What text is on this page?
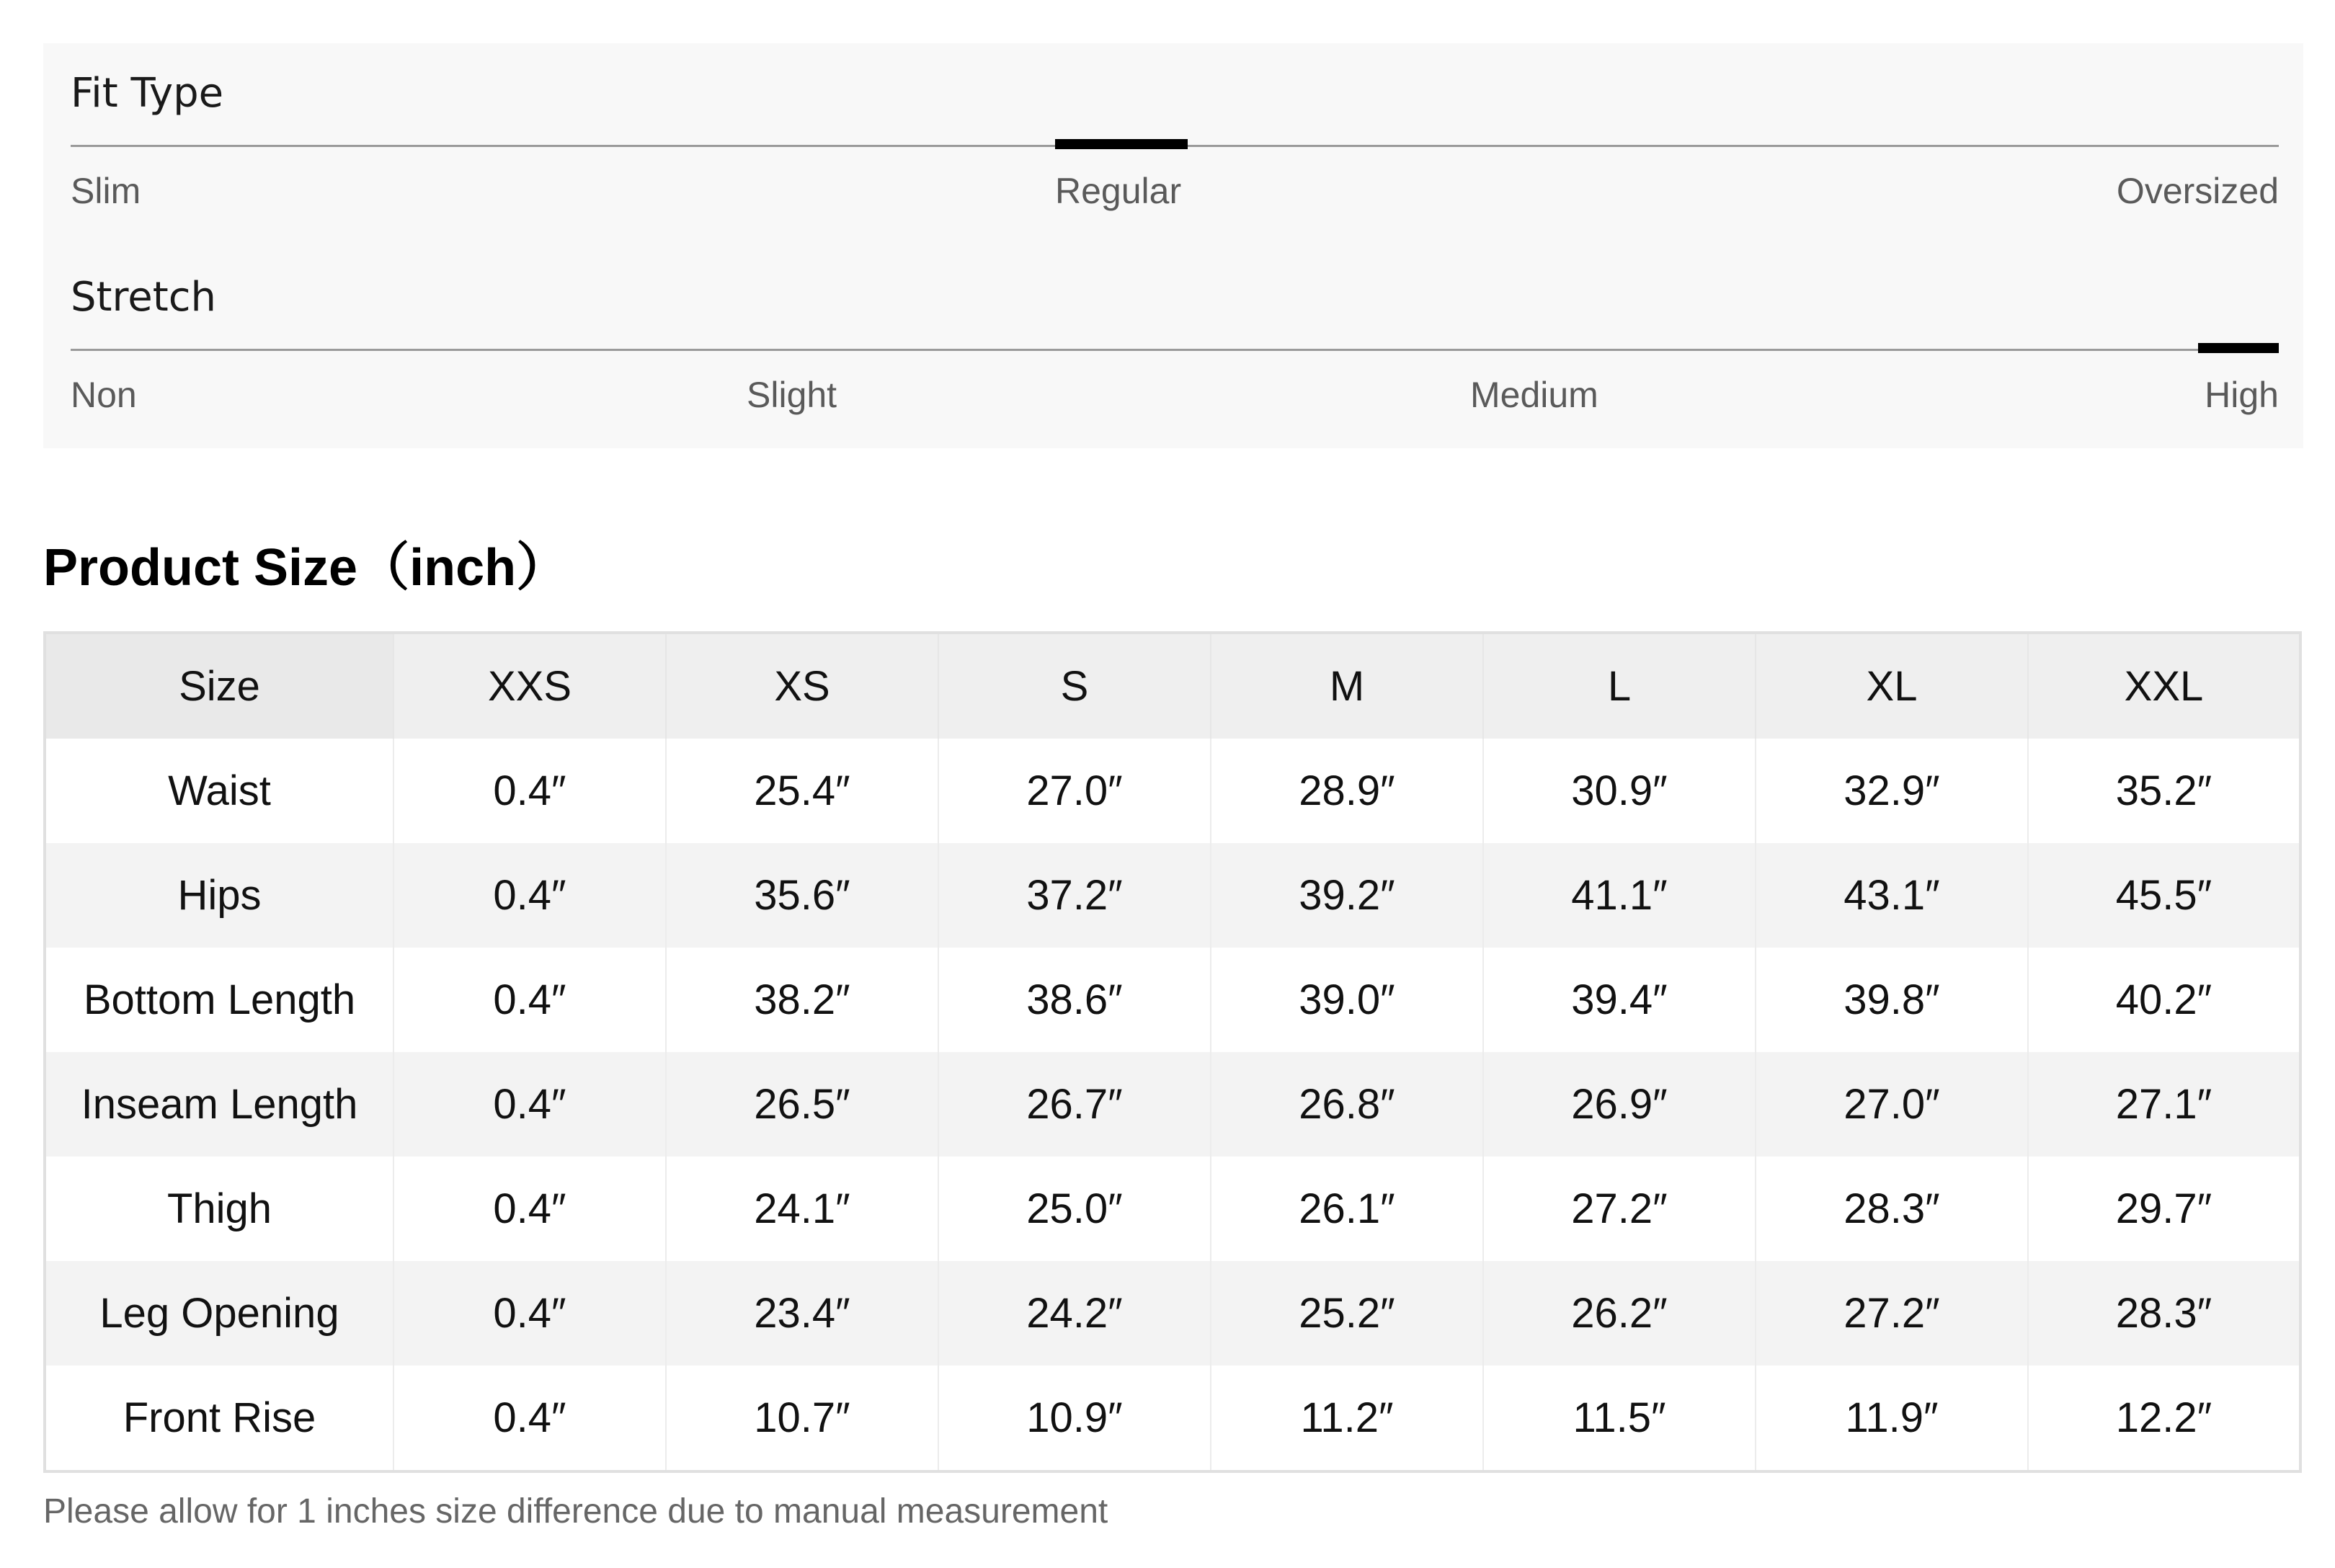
Fit Type
Slim	Regular	Oversized
Stretch
Non	Slight	Medium	High
Product Size（inch）
Size	XXS	XS	S	M	L	XL	XXL
Waist	0.4″	25.4″	27.0″	28.9″	30.9″	32.9″	35.2″
Hips	0.4″	35.6″	37.2″	39.2″	41.1″	43.1″	45.5″
Bottom Length	0.4″	38.2″	38.6″	39.0″	39.4″	39.8″	40.2″
Inseam Length	0.4″	26.5″	26.7″	26.8″	26.9″	27.0″	27.1″
Thigh	0.4″	24.1″	25.0″	26.1″	27.2″	28.3″	29.7″
Leg Opening	0.4″	23.4″	24.2″	25.2″	26.2″	27.2″	28.3″
Front Rise	0.4″	10.7″	10.9″	11.2″	11.5″	11.9″	12.2″
Please allow for 1 inches size difference due to manual measurement
